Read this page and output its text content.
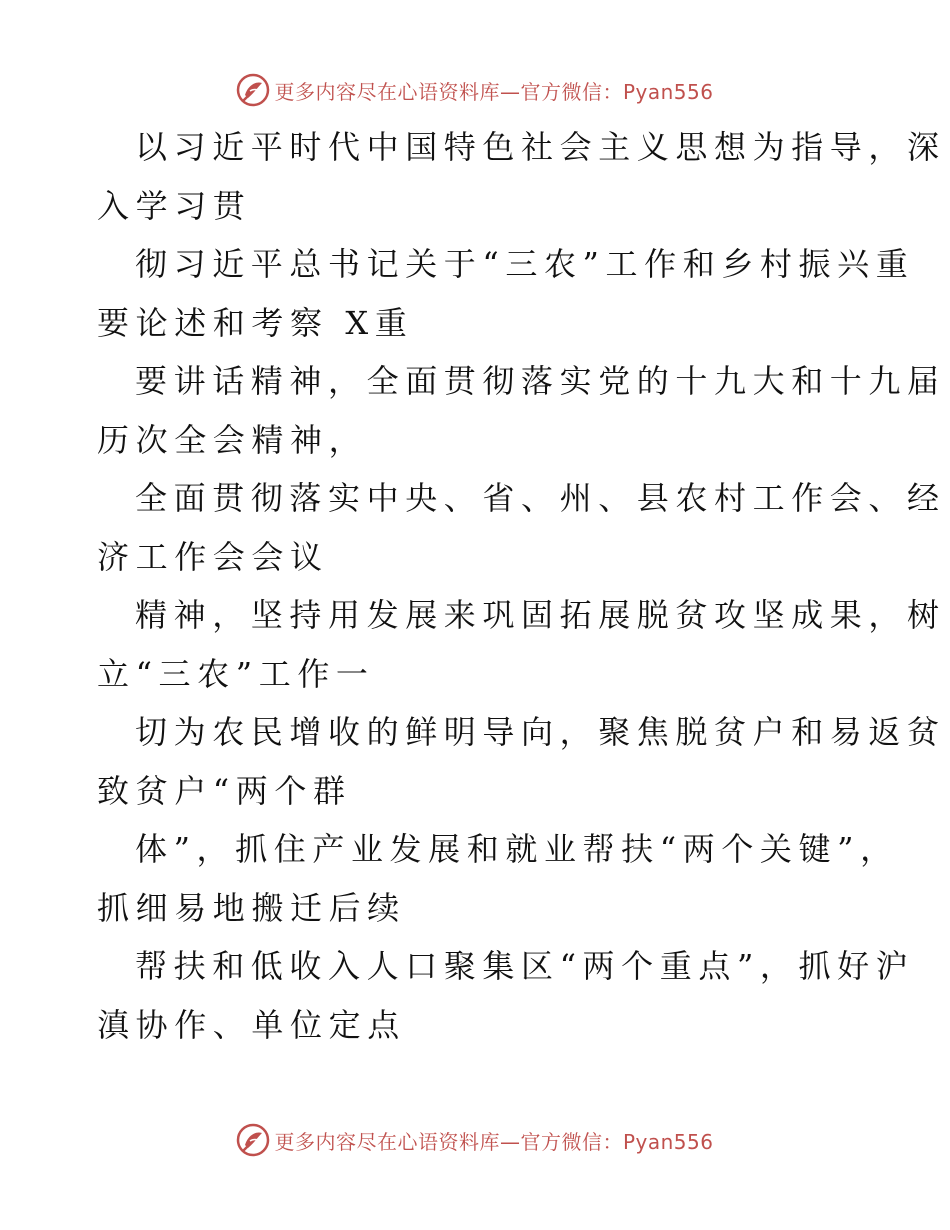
更多内容尽在心语资料库—官方微信：Pyan556
以习近平时代中国特色社会主义思想为指导，深
入学习贯
彻习近平总书记关于“三农”工作和乡村振兴重
要论述和考察 X重
要讲话精神，全面贯彻落实党的十九大和十九届
历次全会精神，
全面贯彻落实中央、省、州、县农村工作会、经
济工作会会议
精神，坚持用发展来巩固拓展脱贫攻坚成果，树
立“三农”工作一
切为农民增收的鲜明导向，聚焦脱贫户和易返贫
致贫户“两个群
体”，抓住产业发展和就业帮扶“两个关键”，
抓细易地搬迁后续
帮扶和低收入人口聚集区“两个重点”，抓好沪
滇协作、单位定点
更多内容尽在心语资料库—官方微信：Pyan556
